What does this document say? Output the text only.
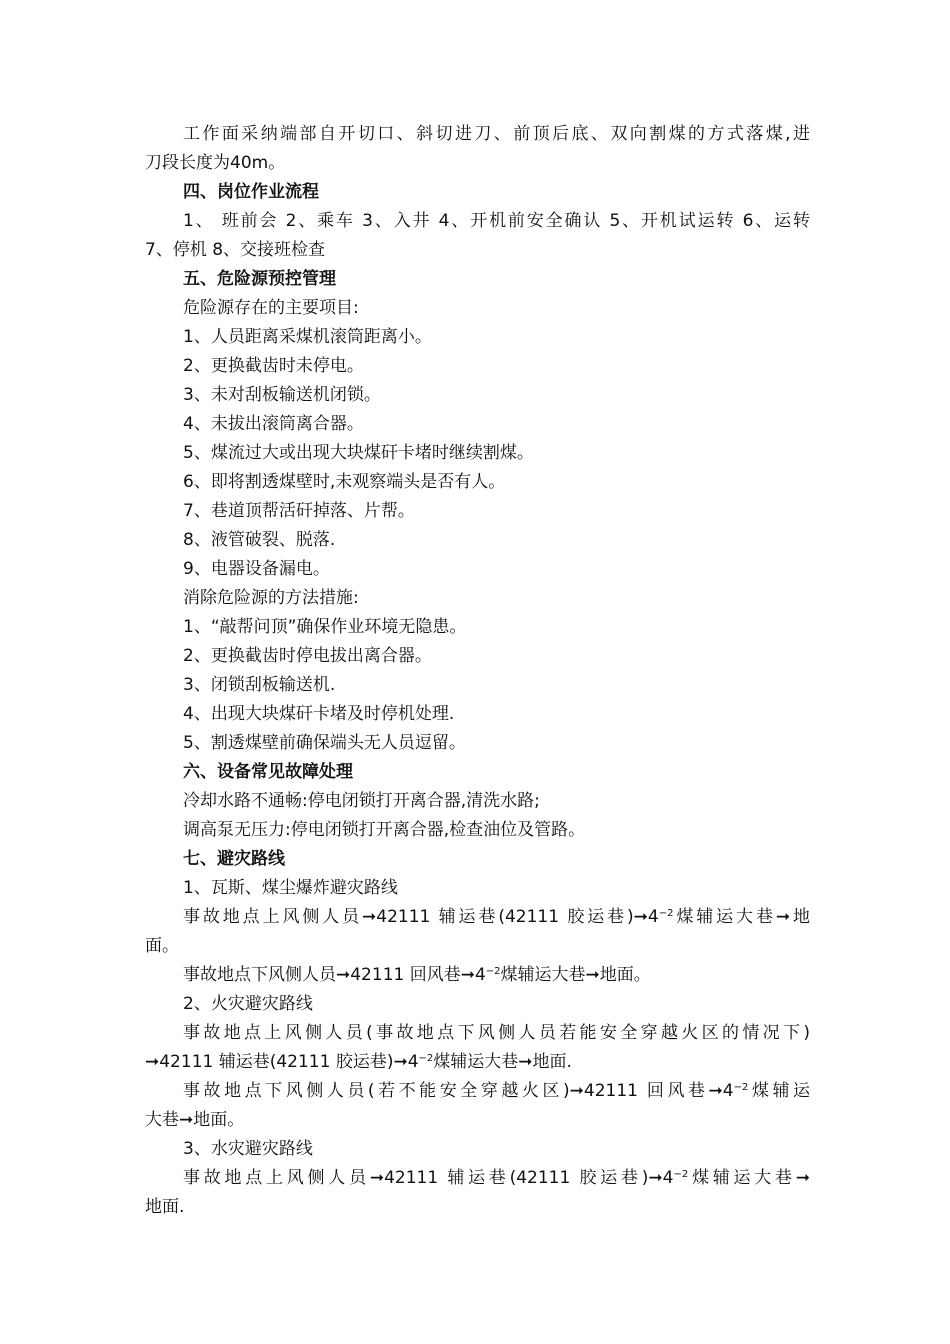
工作面采纳端部自开切口、斜切进刀、前顶后底、双向割煤的方式落煤,进
刀段长度为40m。
四、岗位作业流程
1、 班前会 2、乘车 3、入井 4、开机前安全确认 5、开机试运转 6、运转
7、停机 8、交接班检查
五、危险源预控管理
危险源存在的主要项目:
1、人员距离采煤机滚筒距离小。
2、更换截齿时未停电。
3、未对刮板输送机闭锁。
4、未拔出滚筒离合器。
5、煤流过大或出现大块煤矸卡堵时继续割煤。
6、即将割透煤壁时,未观察端头是否有人。
7、巷道顶帮活矸掉落、片帮。
8、液管破裂、脱落.
9、电器设备漏电。
消除危险源的方法措施:
1、“敲帮问顶”确保作业环境无隐患。
2、更换截齿时停电拔出离合器。
3、闭锁刮板输送机.
4、出现大块煤矸卡堵及时停机处理.
5、割透煤壁前确保端头无人员逗留。
六、设备常见故障处理
冷却水路不通畅:停电闭锁打开离合器,清洗水路;
调高泵无压力:停电闭锁打开离合器,检查油位及管路。
七、避灾路线
1、瓦斯、煤尘爆炸避灾路线
事故地点上风侧人员➞42111 辅运巷(42111 胶运巷)$➞4^{-2}$煤辅运大巷➞地
面。
事故地点下风侧人员➞42111 回风巷$➞4^{-2}$煤辅运大巷➞地面。
2、火灾避灾路线
事故地点上风侧人员(事故地点下风侧人员若能安全穿越火区的情况下)
➞42111 辅运巷(42111 胶运巷)$➞4^{-2}$煤辅运大巷➞地面.
事故地点下风侧人员(若不能安全穿越火区)➞42111 回风巷$➞4^{-2}$煤辅运
大巷➞地面。
3、水灾避灾路线
事故地点上风侧人员➞42111 辅运巷(42111 胶运巷)$➞4^{-2}$煤辅运大巷➞
地面.
